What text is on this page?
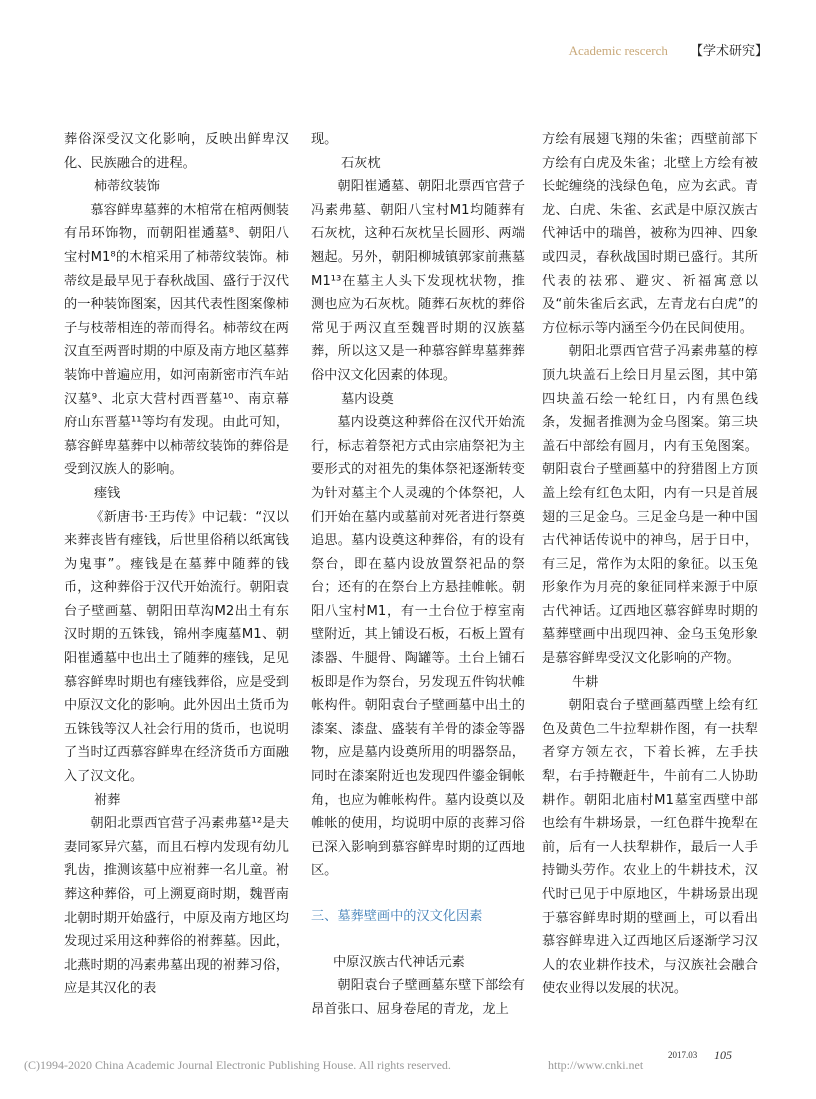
Academic rescerch 【学术研究】

葬俗深受汉文化影响，反映出鲜卑汉化、民族融合的进程。

柿蒂纹装饰

慕容鲜卑墓葬的木棺常在棺两侧装有吊环饰物，而朝阳崔遹墓⁸、朝阳八宝村M1⁸的木棺采用了柿蒂纹装饰。柿蒂纹是最早见于春秋战国、盛行于汉代的一种装饰图案，因其代表性图案像柿子与枝蒂相连的蒂而得名。柿蒂纹在两汉直至两晋时期的中原及南方地区墓葬装饰中普遍应用，如河南新密市汽车站汉墓⁹、北京大营村西晋墓¹⁰、南京幕府山东晋墓¹¹等均有发现。由此可知，慕容鲜卑墓葬中以柿蒂纹装饰的葬俗是受到汉族人的影响。

瘗钱

《新唐书·王玙传》中记载：“汉以来葬丧皆有瘗钱，后世里俗稍以纸寓钱为鬼事”。瘗钱是在墓葬中随葬的钱币，这种葬俗于汉代开始流行。朝阳袁台子壁画墓、朝阳田草沟M2出土有东汉时期的五铢钱，锦州李廆墓M1、朝阳崔遹墓中也出土了随葬的瘗钱，足见慕容鲜卑时期也有瘗钱葬俗，应是受到中原汉文化的影响。此外因出土货币为五铢钱等汉人社会行用的货币，也说明了当时辽西慕容鲜卑在经济货币方面融入了汉文化。

祔葬

朝阳北票西官营子冯素弗墓¹²是夫妻同冢异穴墓，而且石椁内发现有幼儿乳齿，推测该墓中应祔葬一名儿童。祔葬这种葬俗，可上溯夏商时期，魏晋南北朝时期开始盛行，中原及南方地区均发现过采用这种葬俗的祔葬墓。因此，北燕时期的冯素弗墓出现的祔葬习俗，应是其汉化的表

现。

石灰枕

朝阳崔遹墓、朝阳北票西官营子冯素弗墓、朝阳八宝村M1均随葬有石灰枕，这种石灰枕呈长圆形、两端翘起。另外，朝阳柳城镇郭家前燕墓M1¹³在墓主人头下发现枕状物，推测也应为石灰枕。随葬石灰枕的葬俗常见于两汉直至魏晋时期的汉族墓葬，所以这又是一种慕容鲜卑墓葬葬俗中汉文化因素的体现。

墓内设奠

墓内设奠这种葬俗在汉代开始流行，标志着祭祀方式由宗庙祭祀为主要形式的对祖先的集体祭祀逐渐转变为针对墓主个人灵魂的个体祭祀，人们开始在墓内或墓前对死者进行祭奠追思。墓内设奠这种葬俗，有的设有祭台，即在墓内设放置祭祀品的祭台；还有的在祭台上方悬挂帷帐。朝阳八宝村M1，有一土台位于椁室南壁附近，其上铺设石板，石板上置有漆器、牛腿骨、陶罐等。土台上铺石板即是作为祭台，另发现五件钩状帷帐构件。朝阳袁台子壁画墓中出土的漆案、漆盘、盛装有羊骨的漆金等器物，应是墓内设奠所用的明器祭品，同时在漆案附近也发现四件鎏金铜帐角，也应为帷帐构件。墓内设奠以及帷帐的使用，均说明中原的丧葬习俗已深入影响到慕容鲜卑时期的辽西地区。

三、墓葬壁画中的汉文化因素
中原汉族古代神话元素

朝阳袁台子壁画墓东壁下部绘有昂首张口、屈身卷尾的青龙，龙上

方绘有展翅飞翔的朱雀；西壁前部下方绘有白虎及朱雀；北壁上方绘有被长蛇缠绕的浅绿色龟，应为玄武。青龙、白虎、朱雀、玄武是中原汉族古代神话中的瑞兽，被称为四神、四象或四灵，春秋战国时期已盛行。其所代表的祛邪、避灾、祈福寓意以及“前朱雀后玄武，左青龙右白虎”的方位标示等内涵至今仍在民间使用。

朝阳北票西官营子冯素弗墓的椁顶九块盖石上绘日月星云图，其中第四块盖石绘一轮红日，内有黑色线条，发掘者推测为金乌图案。第三块盖石中部绘有圆月，内有玉兔图案。朝阳袁台子壁画墓中的狩猎图上方顶盖上绘有红色太阳，内有一只是首展翅的三足金乌。三足金乌是一种中国古代神话传说中的神鸟，居于日中，有三足，常作为太阳的象征。以玉兔形象作为月亮的象征同样来源于中原古代神话。辽西地区慕容鲜卑时期的墓葬壁画中出现四神、金乌玉兔形象是慕容鲜卑受汉文化影响的产物。

牛耕

朝阳袁台子壁画墓西壁上绘有红色及黄色二牛拉犁耕作图，有一扶犁者穿方领左衣，下着长裤，左手扶犁，右手持鞭赶牛，牛前有二人协助耕作。朝阳北庙村M1墓室西壁中部也绘有牛耕场景，一红色群牛挽犁在前，后有一人扶犁耕作，最后一人手持锄头劳作。农业上的牛耕技术，汉代时已见于中原地区，牛耕场景出现于慕容鲜卑时期的壁画上，可以看出慕容鲜卑进入辽西地区后逐渐学习汉人的农业耕作技术，与汉族社会融合使农业得以发展的状况。

(C)1994-2020 China Academic Journal Electronic Publishing House. All rights reserved.	http://www.cnki.net
2017.03 105
